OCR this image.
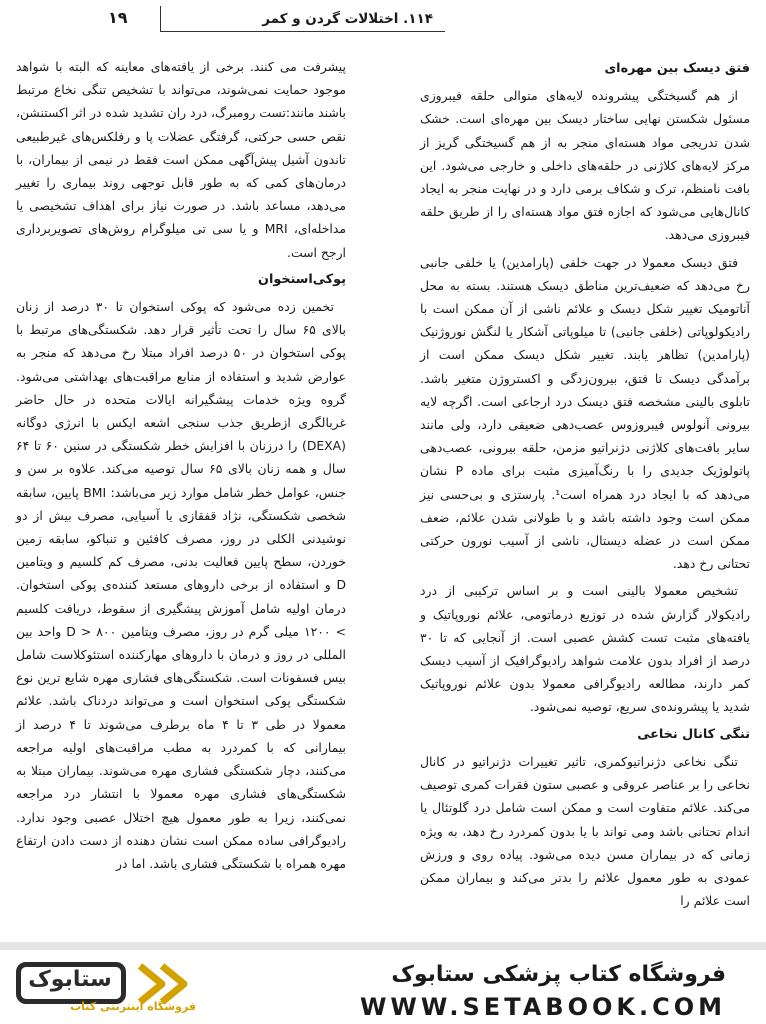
۱۹	۱۱۴. اختلالات گردن و کمر
فتق دیسک بین مهره‌ای

از هم گسیختگی پیشرونده لایه‌های متوالی حلقه فیبروزی مسئول شکستن نهایی ساختار دیسک بین مهره‌ای است. خشک شدن تدریجی مواد هسته‌ای منجر به از هم گسیختگی گریز از مرکز لایه‌های کلاژنی در حلقه‌های داخلی و خارجی می‌شود. این بافت نامنظم، ترک و شکاف برمی دارد و در نهایت منجر به ایجاد کانال‌هایی می‌شود که اجازه فتق مواد هسته‌ای را از طریق حلقه فیبروزی می‌دهد.

فتق دیسک معمولا در جهت خلفی (پارامدین) یا خلفی جانبی رخ می‌دهد که ضعیف‌ترین مناطق دیسک هستند. بسته به محل آناتومیک تغییر شکل دیسک و علائم ناشی از آن ممکن است با رادیکولوپاتی (خلفی جانبی) تا میلوپاتی آشکار یا لنگش نوروژنیک (پارامدین) تظاهر یابند. تغییر شکل دیسک ممکن است از برآمدگی دیسک تا فتق، بیرون‌زدگی و اکستروژن متغیر باشد. تابلوی بالینی مشخصه فتق دیسک درد ارجاعی است. اگرچه لایه بیرونی آنولوس فیبروزوس عصب‌دهی ضعیفی دارد، ولی مانند سایر بافت‌های کلاژنی دژنراتیو مزمن، حلقه بیرونی، عصب‌دهی پاتولوژیک جدیدی را با رنگ‌آمیزی مثبت برای ماده P نشان می‌دهد که با ایجاد درد همراه است¹. پارستزی و بی‌حسی نیز ممکن است وجود داشته باشد و با طولانی شدن علائم، ضعف ممکن است در عضله دیستال، ناشی از آسیب نورون حرکتی تحتانی رخ دهد.

تشخیص معمولا بالینی است و بر اساس ترکیبی از درد رادیکولار گزارش شده در توزیع درماتومی، علائم نوروپاتیک و یافته‌های مثبت تست کشش عصبی است. از آنجایی که تا ۳۰ درصد از افراد بدون علامت شواهد رادیوگرافیک از آسیب دیسک کمر دارند، مطالعه رادیوگرافی معمولا بدون علائم نوروپاتیک شدید یا پیشرونده‌ی سریع، توصیه نمی‌شود.

تنگی کانال نخاعی

تنگی نخاعی دژنراتیوکمری، تاثیر تغییرات دژنراتیو در کانال نخاعی را بر عناصر عروقی و عصبی ستون فقرات کمری توصیف می‌کند. علائم متفاوت است و ممکن است شامل درد گلوتئال یا اندام تحتانی باشد ومی تواند با یا بدون کمردرد رخ دهد، به ویژه زمانی که در بیماران مسن دیده می‌شود. پیاده روی و ورزش عمودی به طور معمول علائم را بدتر می‌کند و بیماران ممکن است علائم را

پیشرفت می کنند. برخی از یافته‌های معاینه که البته با شواهد موجود حمایت نمی‌شوند، می‌تواند با تشخیص تنگی نخاع مرتبط باشند مانند:تست رومبرگ، درد ران تشدید شده در اثر اکستنشن، نقص حسی حرکتی، گرفتگی عضلات پا و رفلکس‌های غیرطبیعی تاندون آشیل پیش‌آگهی ممکن است فقط در نیمی از بیماران، با درمان‌های کمی که به طور قابل توجهی روند بیماری را تغییر می‌دهد، مساعد باشد. در صورت نیاز برای اهداف تشخیصی یا مداخله‌ای، MRI و یا سی تی میلوگرام روش‌های تصویربرداری ارجح است.

پوکی‌استخوان

تخمین زده می‌شود که پوکی استخوان تا ۳۰ درصد از زنان بالای ۶۵ سال را تحت تأثیر قرار دهد. شکستگی‌های مرتبط با پوکی استخوان در ۵۰ درصد افراد مبتلا رخ می‌دهد که منجر به عوارض شدید و استفاده از منابع مراقبت‌های بهداشتی می‌شود. گروه ویژه خدمات پیشگیرانه ایالات متحده در حال حاضر غربالگری ازطریق جذب سنجی اشعه ایکس با انرژی دوگانه (DEXA) را درزنان با افزایش خطر شکستگی در سنین ۶۰ تا ۶۴ سال و همه زنان بالای ۶۵ سال توصیه می‌کند. علاوه بر سن و جنس، عوامل خطر شامل موارد زیر می‌باشد: BMI پایین، سابقه شخصی شکستگی، نژاد قفقازی یا آسیایی، مصرف بیش از دو نوشیدنی الکلی در روز، مصرف کافئین و تنباکو، سابقه زمین خوردن، سطح پایین فعالیت بدنی، مصرف کم کلسیم و ویتامین D و استفاده از برخی داروهای مستعد کننده‌ی پوکی استخوان. درمان اولیه شامل آموزش پیشگیری از سقوط، دریافت کلسیم > ۱۲۰۰ میلی گرم در روز، مصرف ویتامین D > ۸۰۰ واحد بین المللی در روز و درمان با داروهای مهارکننده استئوکلاست شامل بیس فسفونات است. شکستگی‌های فشاری مهره شایع ترین نوع شکستگی پوکی استخوان است و می‌تواند دردناک باشد. علائم معمولا در طی ۳ تا ۴ ماه برطرف می‌شوند تا ۴ درصد از بیمارانی که با کمردرد به مطب مراقبت‌های اولیه مراجعه می‌کنند، دچار شکستگی فشاری مهره می‌شوند. بیماران مبتلا به شکستگی‌های فشاری مهره معمولا با انتشار درد مراجعه نمی‌کنند، زیرا به طور معمول هیچ اختلال عصبی وجود ندارد. رادیوگرافی ساده ممکن است نشان دهنده از دست دادن ارتفاع مهره همراه با شکستگی فشاری باشد. اما در

ستابوک
فروشگاه اینترنتی کتاب
فروشگاه کتاب پزشکی ستابوک
WWW.SETABOOK.COM
